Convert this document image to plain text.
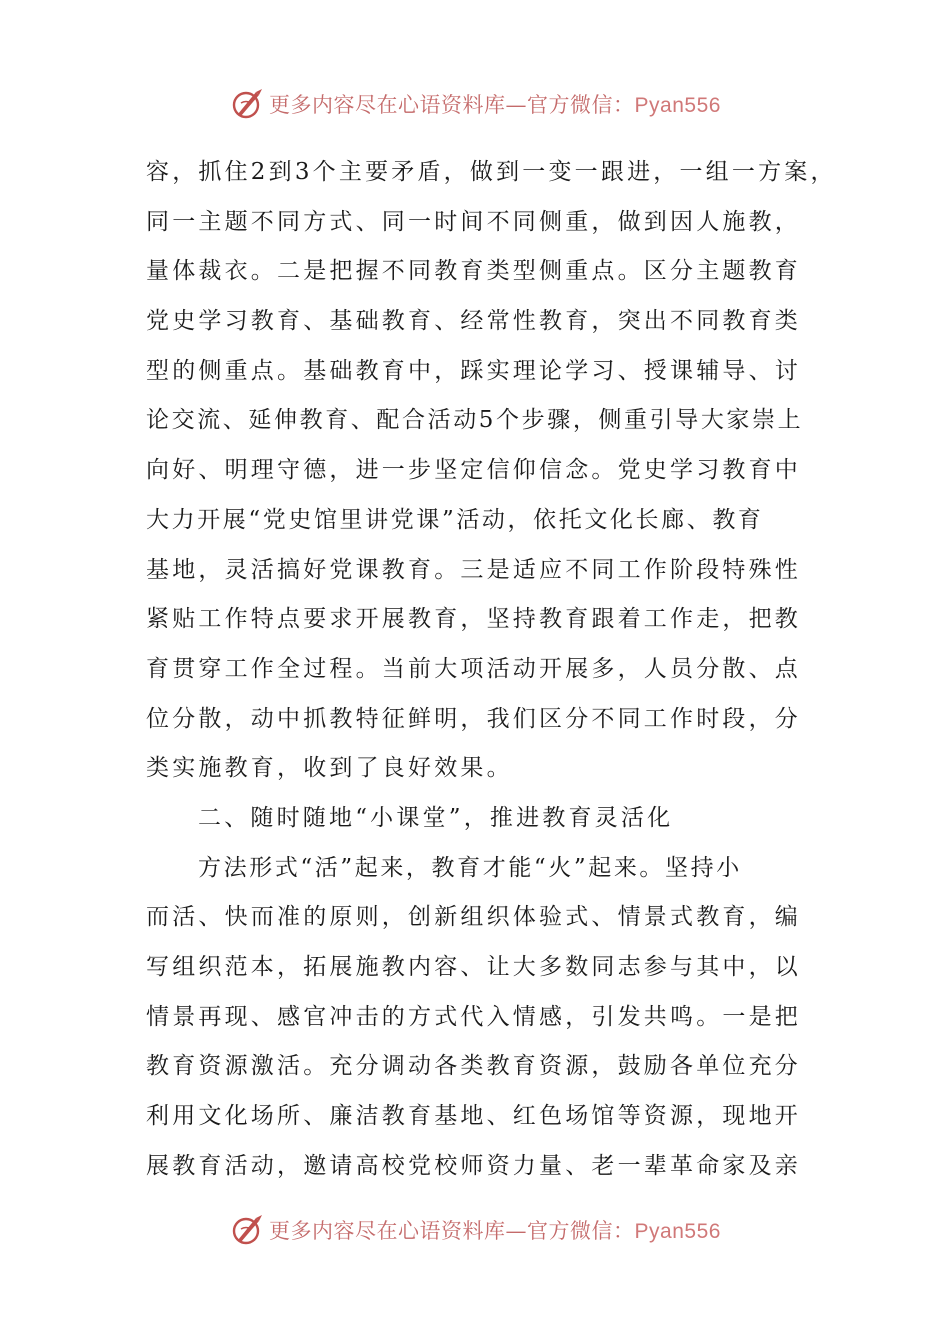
更多内容尽在心语资料库—官方微信：Pyan556
容，抓住2到3个主要矛盾，做到一变一跟进，一组一方案，
同一主题不同方式、同一时间不同侧重，做到因人施教，
量体裁衣。二是把握不同教育类型侧重点。区分主题教育
党史学习教育、基础教育、经常性教育，突出不同教育类
型的侧重点。基础教育中，踩实理论学习、授课辅导、讨
论交流、延伸教育、配合活动5个步骤，侧重引导大家崇上
向好、明理守德，进一步坚定信仰信念。党史学习教育中
大力开展“党史馆里讲党课”活动，依托文化长廊、教育
基地，灵活搞好党课教育。三是适应不同工作阶段特殊性
紧贴工作特点要求开展教育，坚持教育跟着工作走，把教
育贯穿工作全过程。当前大项活动开展多，人员分散、点
位分散，动中抓教特征鲜明，我们区分不同工作时段，分
类实施教育，收到了良好效果。
二、随时随地“小课堂”，推进教育灵活化
方法形式“活”起来，教育才能“火”起来。坚持小
而活、快而准的原则，创新组织体验式、情景式教育，编
写组织范本，拓展施教内容、让大多数同志参与其中，以
情景再现、感官冲击的方式代入情感，引发共鸣。一是把
教育资源激活。充分调动各类教育资源，鼓励各单位充分
利用文化场所、廉洁教育基地、红色场馆等资源，现地开
展教育活动，邀请高校党校师资力量、老一辈革命家及亲
更多内容尽在心语资料库—官方微信：Pyan556
